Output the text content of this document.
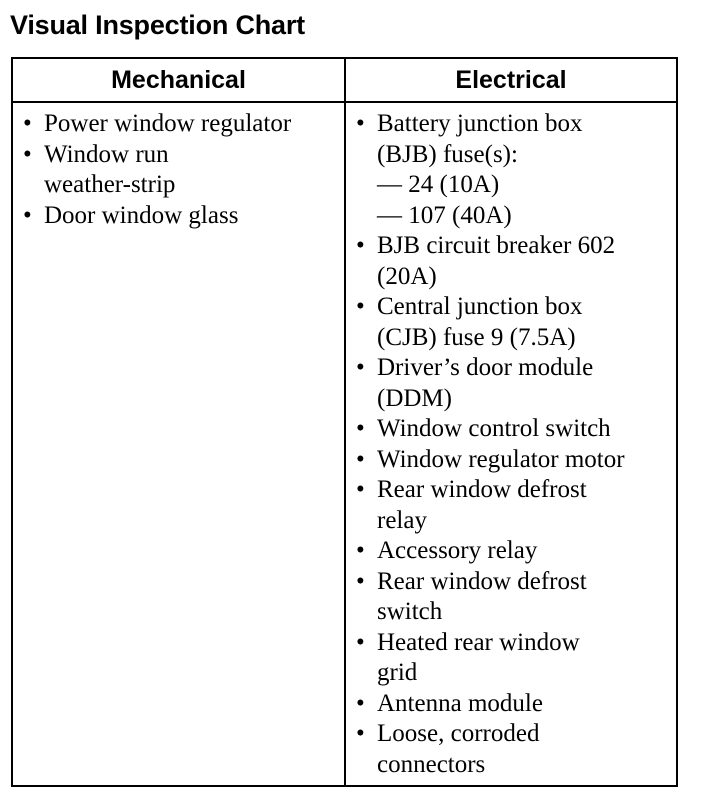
Visual Inspection Chart
Mechanical	Electrical
• Power window regulator
• Window run
weather-strip
• Door window glass
• Battery junction box
(BJB) fuse(s):
— 24 (10A)
— 107 (40A)
• BJB circuit breaker 602
(20A)
• Central junction box
(CJB) fuse 9 (7.5A)
• Driver’s door module
(DDM)
• Window control switch
• Window regulator motor
• Rear window defrost
relay
• Accessory relay
• Rear window defrost
switch
• Heated rear window
grid
• Antenna module
• Loose, corroded
connectors
